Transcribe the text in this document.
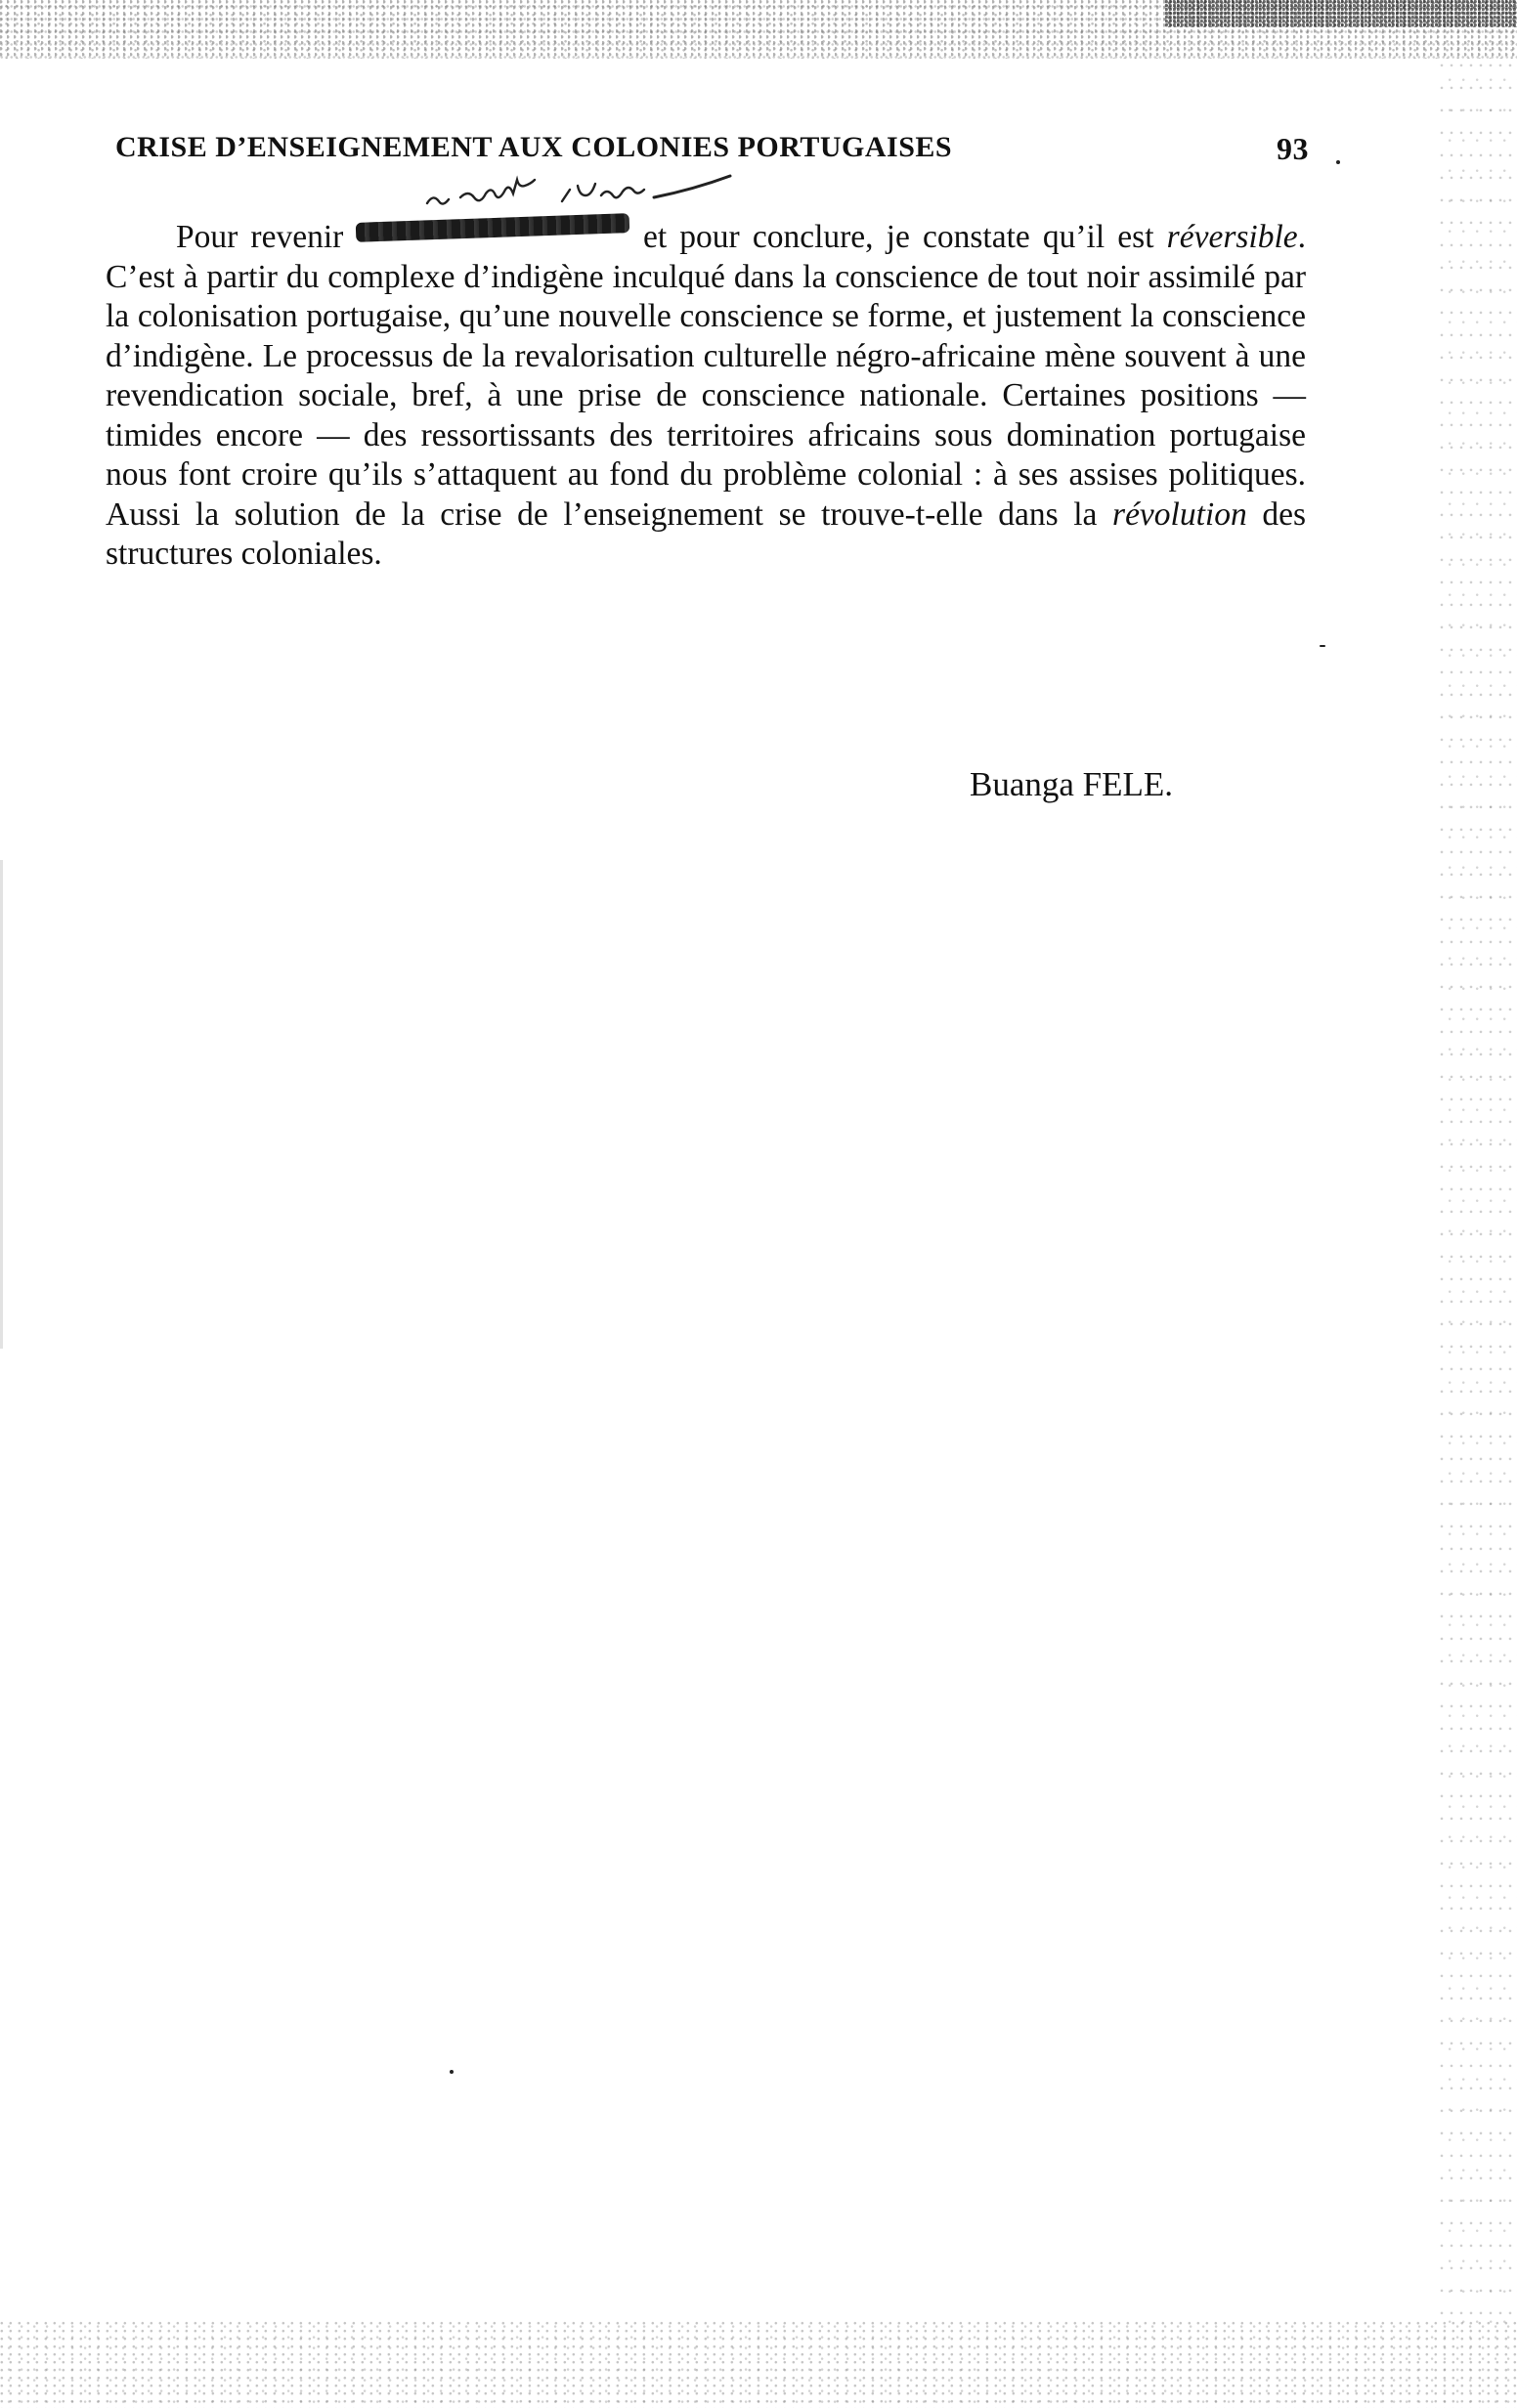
CRISE D’ENSEIGNEMENT AUX COLONIES PORTUGAISES	93

Pour revenir	et pour conclure, je constate qu’il est réversible. C’est à partir du complexe d’indigène inculqué dans la conscience de tout noir assimilé par la colonisation portugaise, qu’une nouvelle conscience se forme, et justement la conscience d’indigène. Le processus de la revalorisation culturelle négro-africaine mène souvent à une revendication sociale, bref, à une prise de conscience nationale. Certaines positions — timides encore — des ressortissants des territoires africains sous domination portugaise nous font croire qu’ils s’attaquent au fond du problème colonial : à ses assises politiques. Aussi la solution de la crise de l’enseignement se trouve-t-elle dans la révolution des structures coloniales.

Buanga FELE.
